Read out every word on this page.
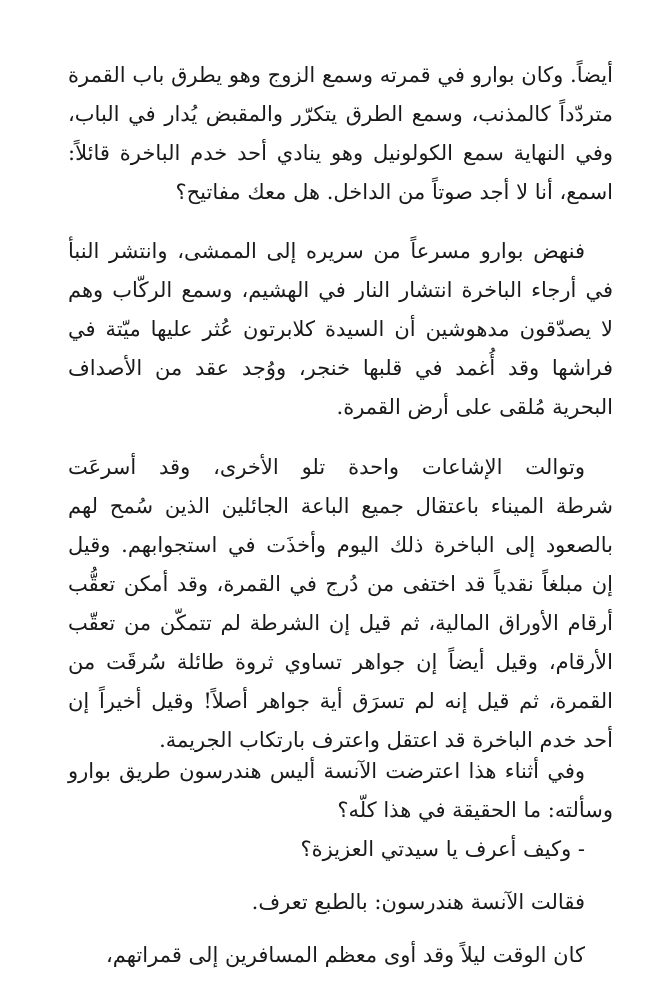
أيضاً. وكان بوارو في قمرته وسمع الزوج وهو يطرق باب القمرة
متردّداً كالمذنب، وسمع الطرق يتكرّر والمقبض يُدار في الباب،
وفي النهاية سمع الكولونيل وهو ينادي أحد خدم الباخرة قائلاً:
اسمع، أنا لا أجد صوتاً من الداخل. هل معك مفاتيح؟
فنهض بوارو مسرعاً من سريره إلى الممشى، وانتشر النبأ
في أرجاء الباخرة انتشار النار في الهشيم، وسمع الركّاب وهم
لا يصدّقون مدهوشين أن السيدة كلابرتون عُثر عليها ميّتة في
فراشها وقد أُغمد في قلبها خنجر، ووُجد عقد من الأصداف
البحرية مُلقى على أرض القمرة.
وتوالت الإشاعات واحدة تلو الأخرى، وقد أسرعَت
شرطة الميناء باعتقال جميع الباعة الجائلين الذين سُمح لهم
بالصعود إلى الباخرة ذلك اليوم وأخذَت في استجوابهم. وقيل
إن مبلغاً نقدياً قد اختفى من دُرج في القمرة، وقد أمكن تعقُّب
أرقام الأوراق المالية، ثم قيل إن الشرطة لم تتمكّن من تعقّب
الأرقام، وقيل أيضاً إن جواهر تساوي ثروة طائلة سُرقَت من
القمرة، ثم قيل إنه لم تسرَق أية جواهر أصلاً! وقيل أخيراً إن
أحد خدم الباخرة قد اعتقل واعترف بارتكاب الجريمة.
وفي أثناء هذا اعترضت الآنسة أليس هندرسون طريق بوارو
وسألته: ما الحقيقة في هذا كلّه؟
- وكيف أعرف يا سيدتي العزيزة؟
فقالت الآنسة هندرسون: بالطبع تعرف.
كان الوقت ليلاً وقد أوى معظم المسافرين إلى قمراتهم،
